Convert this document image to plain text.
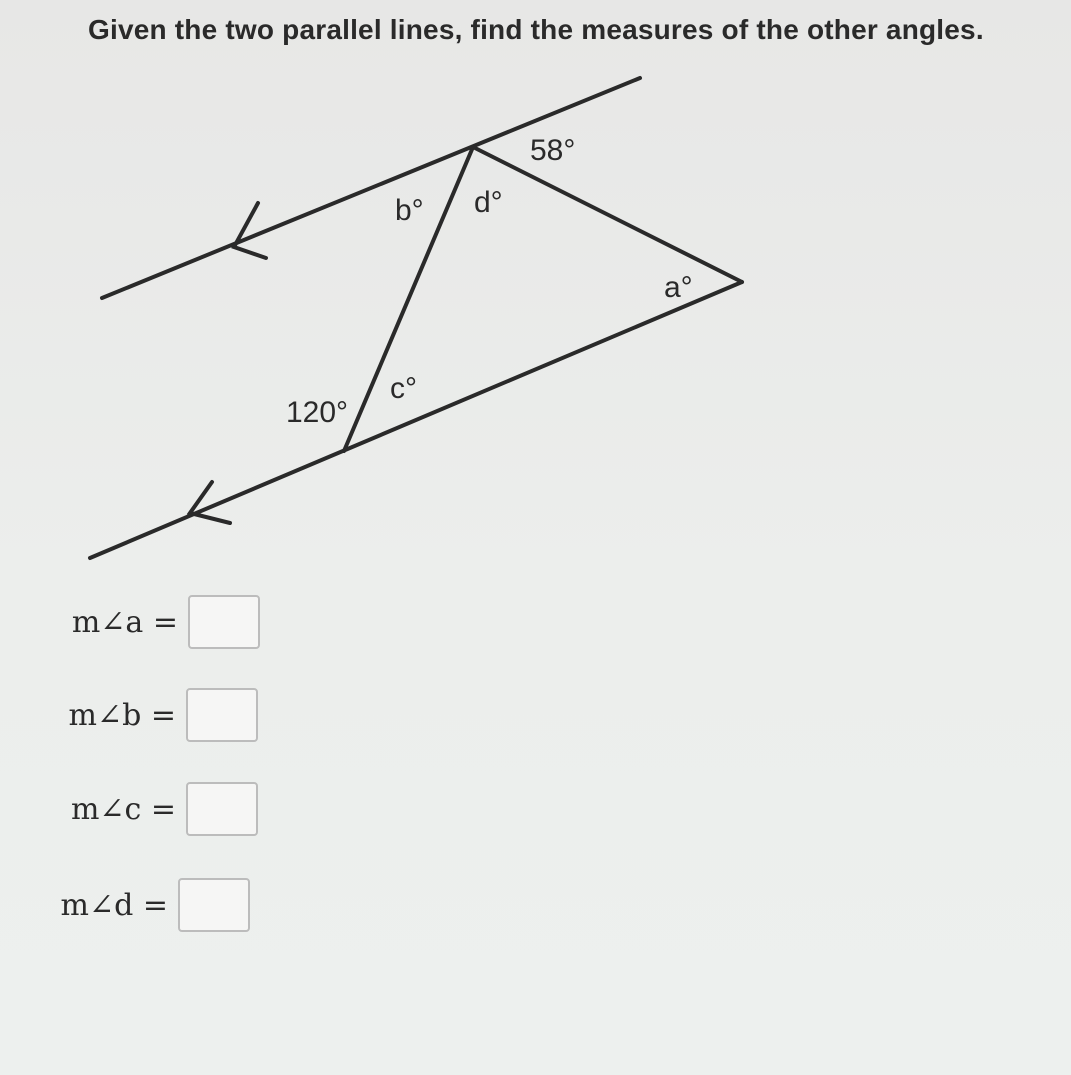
Given the two parallel lines, find the measures of the other angles.
58°
b° d°
a°
120°
c°
m∠a =
m∠b =
m∠c =
m∠d =
